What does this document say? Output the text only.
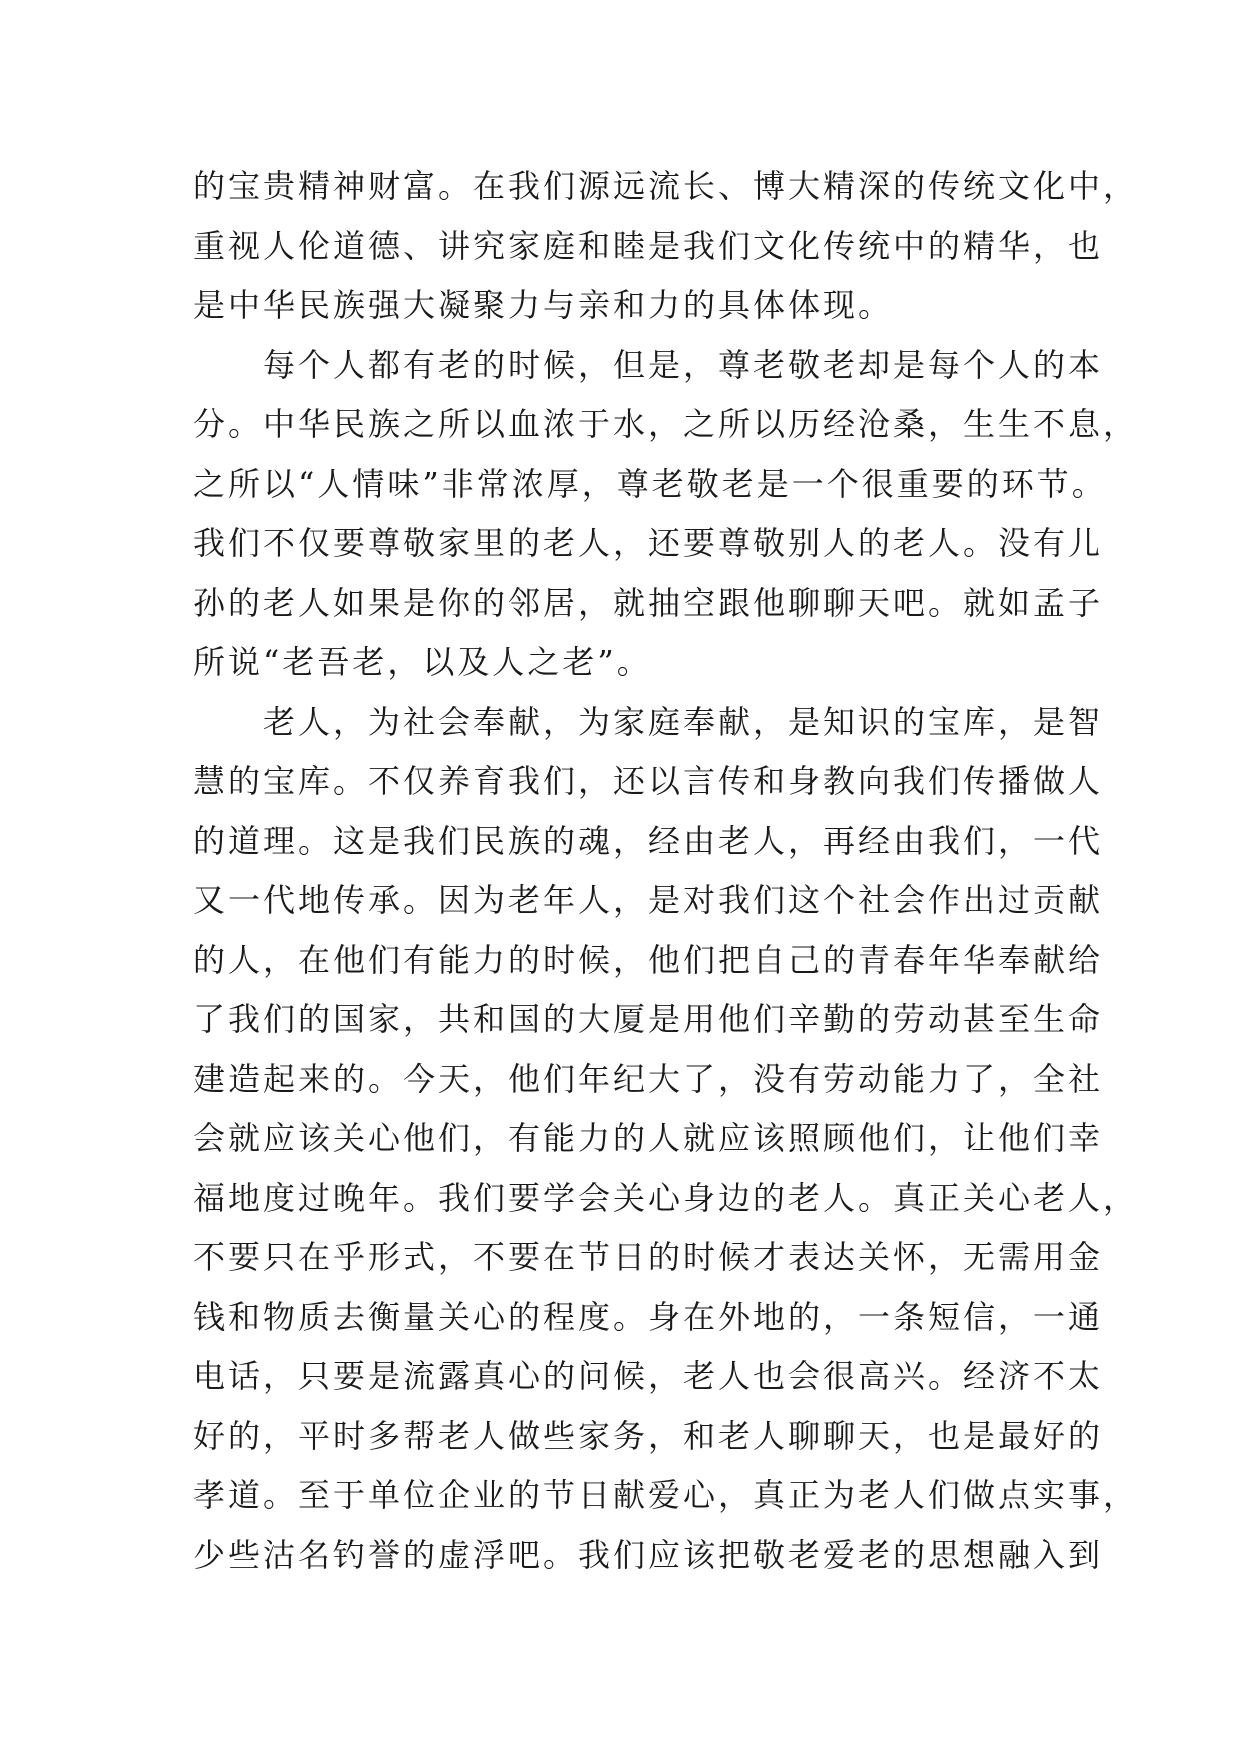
的宝贵精神财富。在我们源远流长、博大精深的传统文化中，
重视人伦道德、讲究家庭和睦是我们文化传统中的精华，也
是中华民族强大凝聚力与亲和力的具体体现。
每个人都有老的时候，但是，尊老敬老却是每个人的本
分。中华民族之所以血浓于水，之所以历经沧桑，生生不息，
之所以“人情味”非常浓厚，尊老敬老是一个很重要的环节。
我们不仅要尊敬家里的老人，还要尊敬别人的老人。没有儿
孙的老人如果是你的邻居，就抽空跟他聊聊天吧。就如孟子
所说“老吾老，以及人之老”。
老人，为社会奉献，为家庭奉献，是知识的宝库，是智
慧的宝库。不仅养育我们，还以言传和身教向我们传播做人
的道理。这是我们民族的魂，经由老人，再经由我们，一代
又一代地传承。因为老年人，是对我们这个社会作出过贡献
的人，在他们有能力的时候，他们把自己的青春年华奉献给
了我们的国家，共和国的大厦是用他们辛勤的劳动甚至生命
建造起来的。今天，他们年纪大了，没有劳动能力了，全社
会就应该关心他们，有能力的人就应该照顾他们，让他们幸
福地度过晚年。我们要学会关心身边的老人。真正关心老人，
不要只在乎形式，不要在节日的时候才表达关怀，无需用金
钱和物质去衡量关心的程度。身在外地的，一条短信，一通
电话，只要是流露真心的问候，老人也会很高兴。经济不太
好的，平时多帮老人做些家务，和老人聊聊天，也是最好的
孝道。至于单位企业的节日献爱心，真正为老人们做点实事，
少些沽名钓誉的虚浮吧。我们应该把敬老爱老的思想融入到
